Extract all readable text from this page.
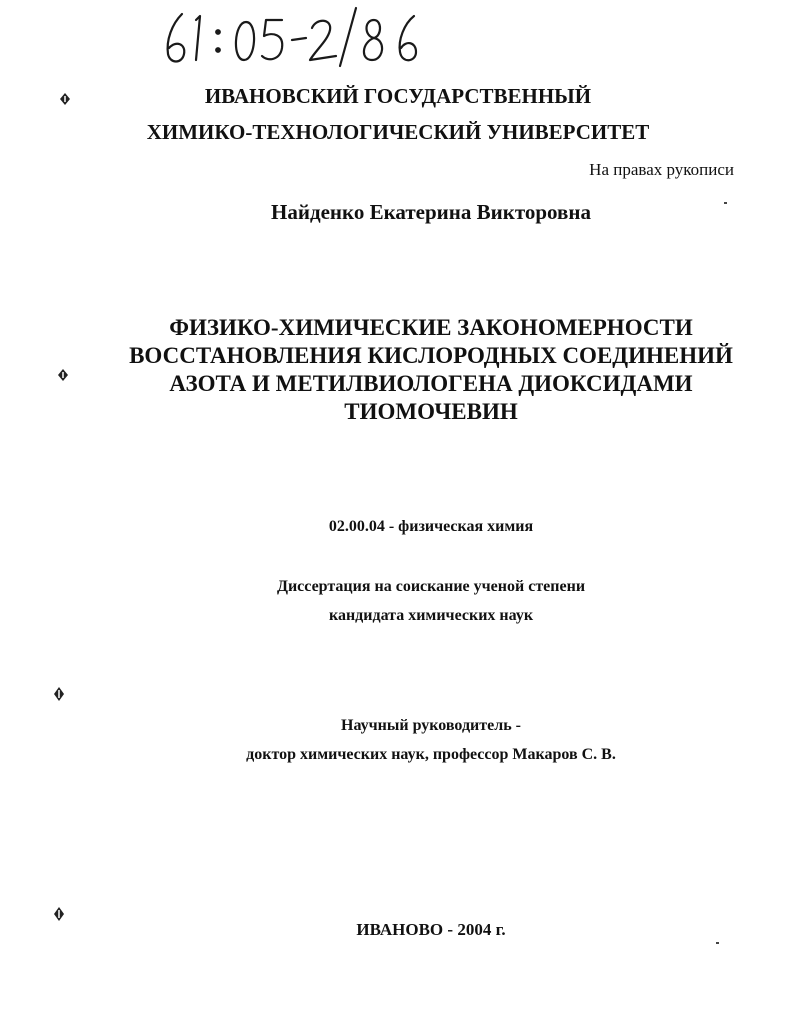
ИВАНОВСКИЙ ГОСУДАРСТВЕННЫЙ
ХИМИКО-ТЕХНОЛОГИЧЕСКИЙ УНИВЕРСИТЕТ
На правах рукописи
Найденко Екатерина Викторовна
ФИЗИКО-ХИМИЧЕСКИЕ ЗАКОНОМЕРНОСТИ
ВОССТАНОВЛЕНИЯ КИСЛОРОДНЫХ СОЕДИНЕНИЙ
АЗОТА И МЕТИЛВИОЛОГЕНА ДИОКСИДАМИ
ТИОМОЧЕВИН
02.00.04 - физическая химия
Диссертация на соискание ученой степени
кандидата химических наук
Научный руководитель -
доктор химических наук, профессор Макаров С. В.
ИВАНОВО - 2004 г.
